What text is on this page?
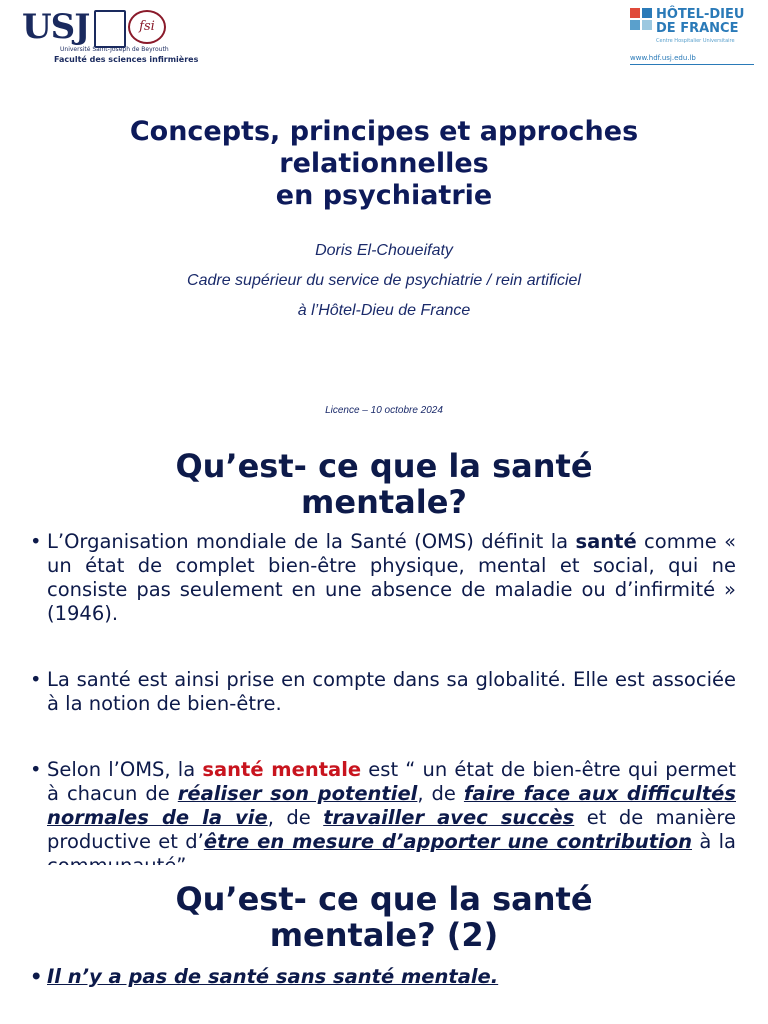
USJ	fsi
Université Saint-Joseph de Beyrouth
Faculté des sciences infirmières
HÔTEL-DIEU
DE FRANCE
Centre Hospitalier Universitaire
www.hdf.usj.edu.lb
Concepts, principes et approches
relationnelles
en psychiatrie
Doris El-Choueifaty
Cadre supérieur du service de psychiatrie / rein artificiel
à l’Hôtel-Dieu de France
Licence – 10 octobre 2024
Qu’est- ce que la santé
mentale?
• L’Organisation mondiale de la Santé (OMS) définit la santé comme « un état de complet bien-être physique, mental et social, qui ne consiste pas seulement en une absence de maladie ou d’infirmité » (1946).
• La santé est ainsi prise en compte dans sa globalité. Elle est associée à la notion de bien-être.
• Selon l’OMS, la santé mentale est “ un état de bien-être qui permet à chacun de réaliser son potentiel, de faire face aux difficultés normales de la vie, de travailler avec succès et de manière productive et d’être en mesure d’apporter une contribution à la
Qu’est- ce que la santé
mentale? (2)
• Il n’y a pas de santé sans santé mentale.
